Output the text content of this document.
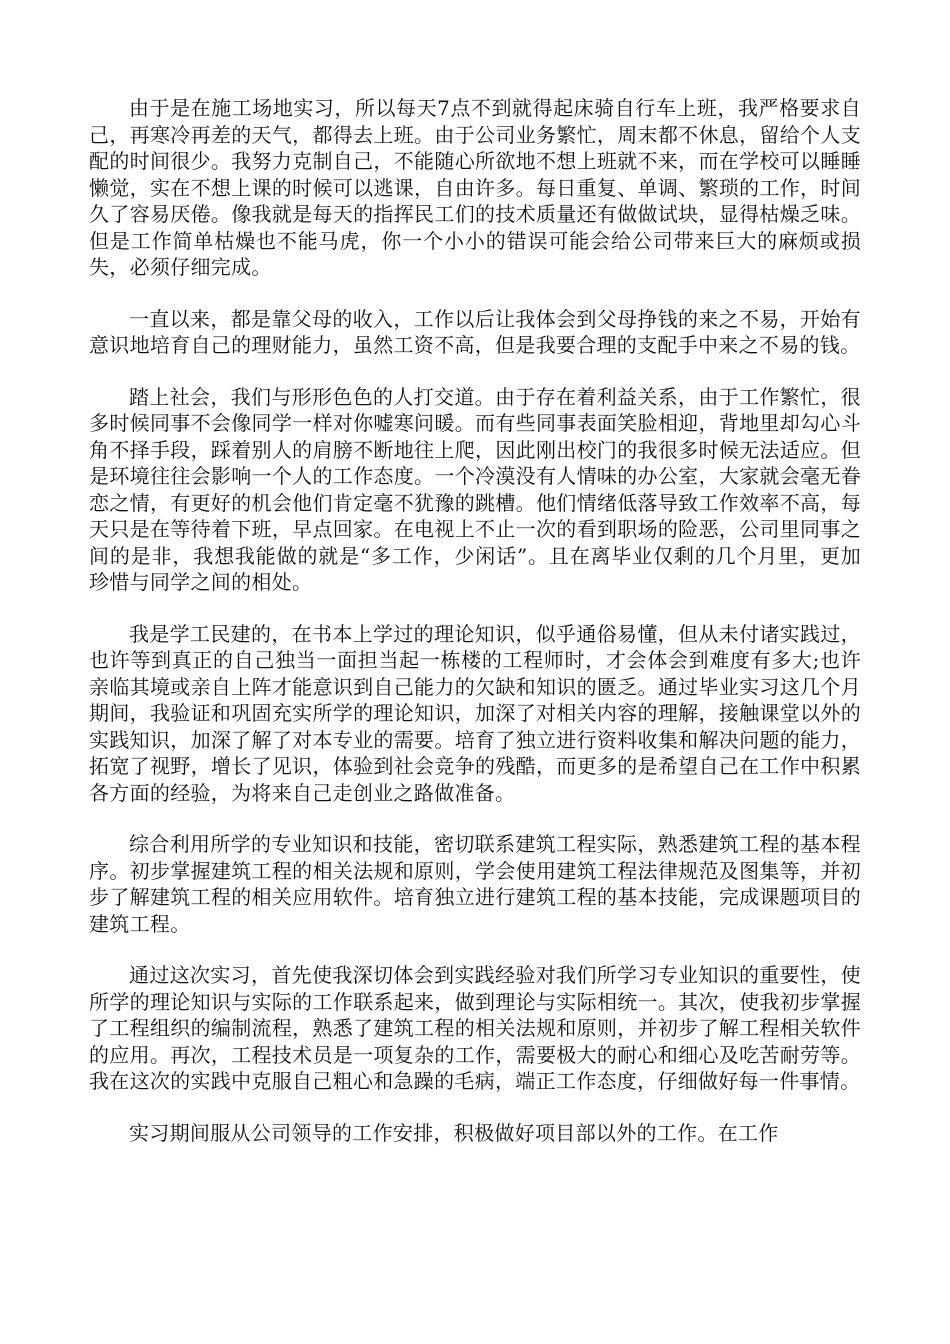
由于是在施工场地实习，所以每天7点不到就得起床骑自行车上班，我严格要求自己，再寒冷再差的天气，都得去上班。由于公司业务繁忙，周末都不休息，留给个人支配的时间很少。我努力克制自己，不能随心所欲地不想上班就不来，而在学校可以睡睡懒觉，实在不想上课的时候可以逃课，自由许多。每日重复、单调、繁琐的工作，时间久了容易厌倦。像我就是每天的指挥民工们的技术质量还有做做试块，显得枯燥乏味。但是工作简单枯燥也不能马虎，你一个小小的错误可能会给公司带来巨大的麻烦或损失，必须仔细完成。

一直以来，都是靠父母的收入，工作以后让我体会到父母挣钱的来之不易，开始有意识地培育自己的理财能力，虽然工资不高，但是我要合理的支配手中来之不易的钱。

踏上社会，我们与形形色色的人打交道。由于存在着利益关系，由于工作繁忙，很多时候同事不会像同学一样对你嘘寒问暖。而有些同事表面笑脸相迎，背地里却勾心斗角不择手段，踩着别人的肩膀不断地往上爬，因此刚出校门的我很多时候无法适应。但是环境往往会影响一个人的工作态度。一个冷漠没有人情味的办公室，大家就会毫无眷恋之情，有更好的机会他们肯定毫不犹豫的跳槽。他们情绪低落导致工作效率不高，每天只是在等待着下班，早点回家。在电视上不止一次的看到职场的险恶，公司里同事之间的是非，我想我能做的就是“多工作，少闲话”。且在离毕业仅剩的几个月里，更加珍惜与同学之间的相处。

我是学工民建的，在书本上学过的理论知识，似乎通俗易懂，但从未付诸实践过，也许等到真正的自己独当一面担当起一栋楼的工程师时，才会体会到难度有多大;也许亲临其境或亲自上阵才能意识到自己能力的欠缺和知识的匮乏。通过毕业实习这几个月期间，我验证和巩固充实所学的理论知识，加深了对相关内容的理解，接触课堂以外的实践知识，加深了解了对本专业的需要。培育了独立进行资料收集和解决问题的能力，拓宽了视野，增长了见识，体验到社会竞争的残酷，而更多的是希望自己在工作中积累各方面的经验，为将来自己走创业之路做准备。

综合利用所学的专业知识和技能，密切联系建筑工程实际，熟悉建筑工程的基本程序。初步掌握建筑工程的相关法规和原则，学会使用建筑工程法律规范及图集等，并初步了解建筑工程的相关应用软件。培育独立进行建筑工程的基本技能，完成课题项目的建筑工程。

通过这次实习，首先使我深切体会到实践经验对我们所学习专业知识的重要性，使所学的理论知识与实际的工作联系起来，做到理论与实际相统一。其次，使我初步掌握了工程组织的编制流程，熟悉了建筑工程的相关法规和原则，并初步了解工程相关软件的应用。再次，工程技术员是一项复杂的工作，需要极大的耐心和细心及吃苦耐劳等。我在这次的实践中克服自己粗心和急躁的毛病，端正工作态度，仔细做好每一件事情。

实习期间服从公司领导的工作安排，积极做好项目部以外的工作。在工作
